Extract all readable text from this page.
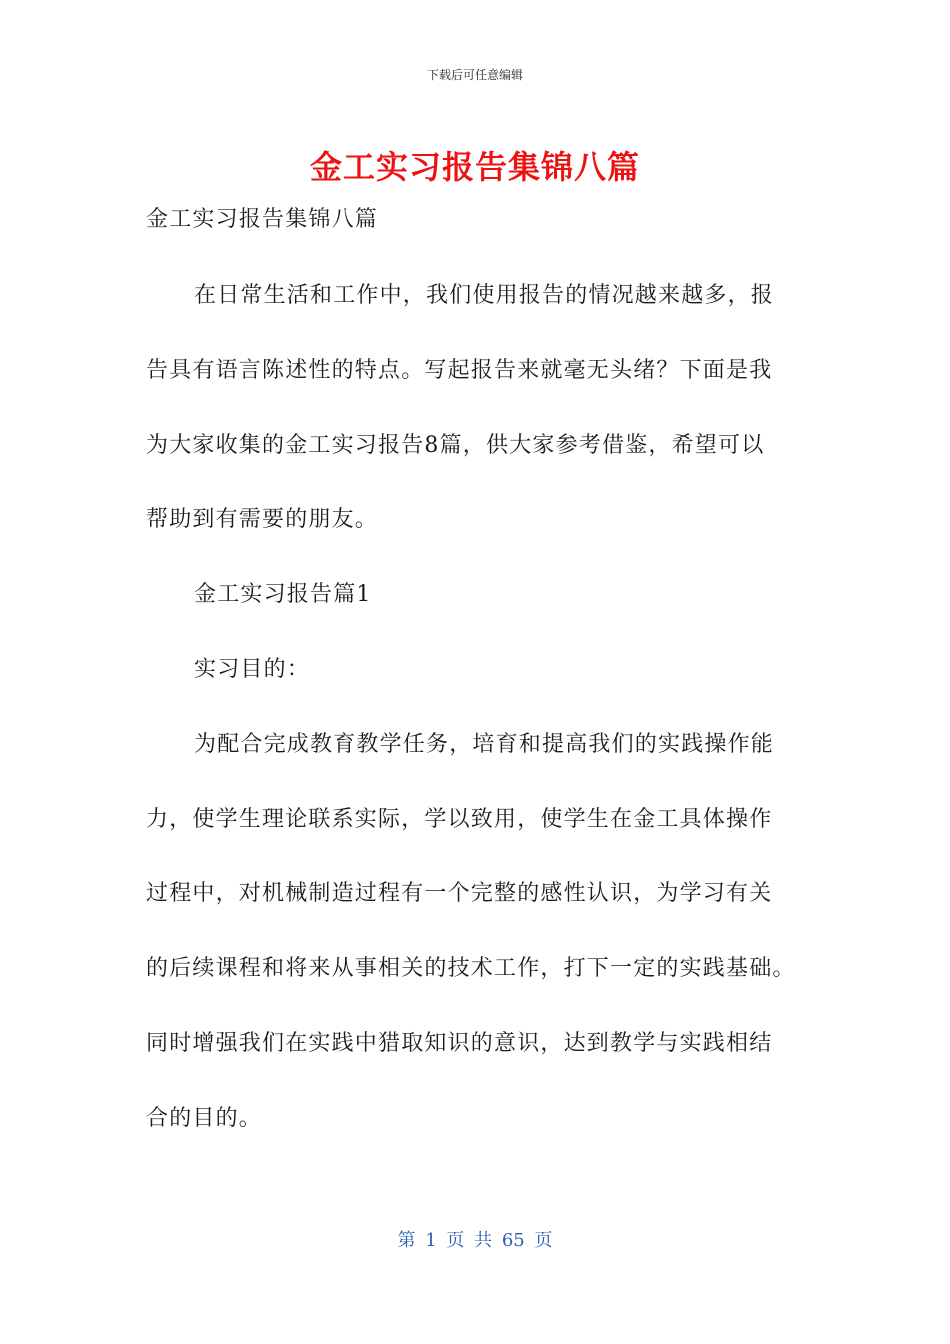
下载后可任意编辑
金工实习报告集锦八篇
金工实习报告集锦八篇
在日常生活和工作中，我们使用报告的情况越来越多，报
告具有语言陈述性的特点。写起报告来就毫无头绪？下面是我
为大家收集的金工实习报告8篇，供大家参考借鉴，希望可以
帮助到有需要的朋友。
金工实习报告篇1
实习目的：
为配合完成教育教学任务，培育和提高我们的实践操作能
力，使学生理论联系实际，学以致用，使学生在金工具体操作
过程中，对机械制造过程有一个完整的感性认识，为学习有关
的后续课程和将来从事相关的技术工作，打下一定的实践基础。
同时增强我们在实践中猎取知识的意识，达到教学与实践相结
合的目的。
第 1 页 共 65 页
